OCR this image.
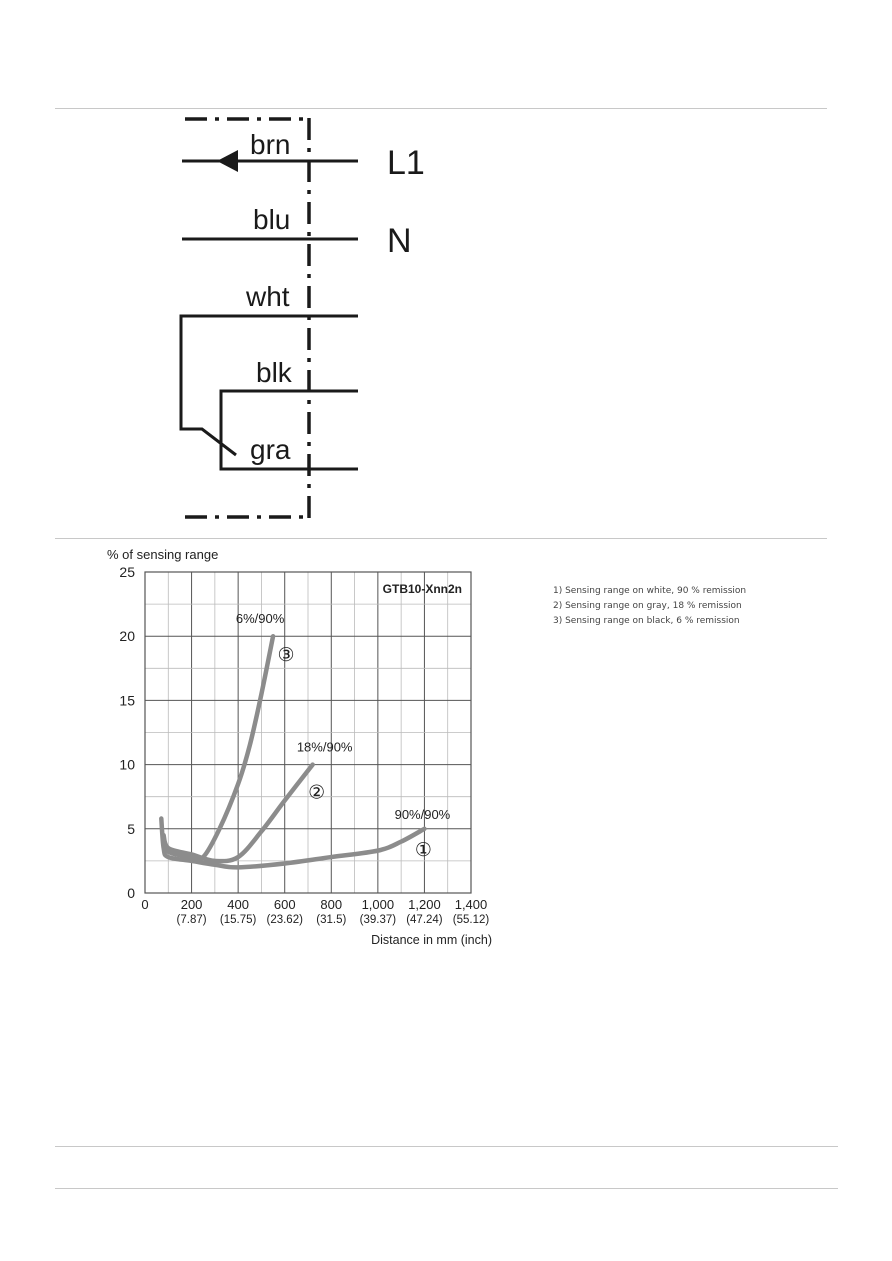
brn
blu
wht
blk
gra
L1
N
0
5
10
15
20
25
0 200 400 600 800 1,000 1,200 1,400
(7.87) (15.75) (23.62) (31.5) (39.37) (47.24) (55.12)
90%/90%
①
18%/90%
②
6%/90%
③
% of sensing range
Distance in mm (inch)
GTB10-Xnn2n	1) Sensing range on white, 90 % remission
2) Sensing range on gray, 18 % remission
3) Sensing range on black, 6 % remission
